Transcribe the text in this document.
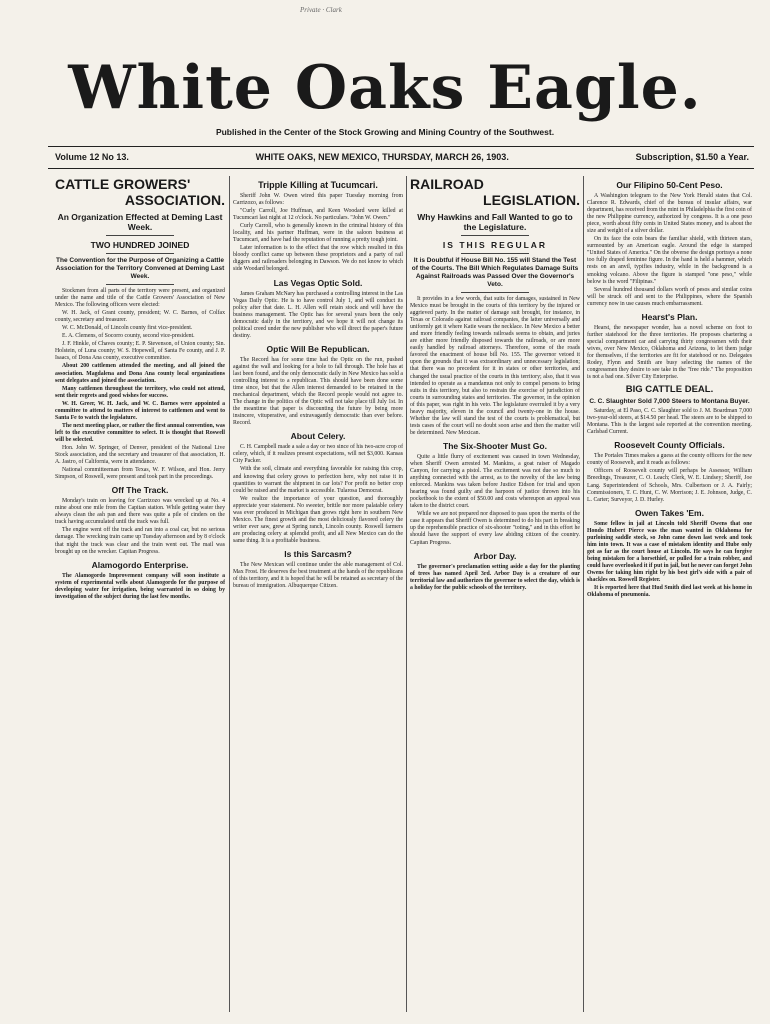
Private · Clark
White Oaks Eagle.
Published in the Center of the Stock Growing and Mining Country of the Southwest.
Volume 12 No 13.	WHITE OAKS, NEW MEXICO, THURSDAY, MARCH 26, 1903.	Subscription, $1.50 a Year.
CATTLE GROWERS'
ASSOCIATION.
An Organization Effected at Deming Last Week.
TWO HUNDRED JOINED
The Convention for the Purpose of Organizing a Cattle Association for the Territory Convened at Deming Last Week.

Stockmen from all parts of the territory were present, and organized under the name and title of the Cattle Growers' Association of New Mexico. The following officers were elected:

W. H. Jack, of Grant county, president; W. C. Barnes, of Colfax county, secretary and treasurer.

W. C. McDonald, of Lincoln county first vice-president.

E. A. Clemens, of Socorro county, second vice-president.

J. F. Hinkle, of Chaves county; E. P. Stevenson, of Union county; Sin. Holstein, of Luna county; W. S. Hopewell, of Santa Fe county, and J. P. Isaacs, of Dona Ana county, executive committee.

About 200 cattlemen attended the meeting, and all joined the association. Magdalena and Dona Ana county local organizations sent delegates and joined the association.

Many cattlemen throughout the territory, who could not attend, sent their regrets and good wishes for success.

W. H. Greer, W. H. Jack, and W. C. Barnes were appointed a committee to attend to matters of interest to cattlemen and went to Santa Fe to watch the legislature.

The next meeting place, or rather the first annual convention, was left to the executive committee to select. It is thought that Roswell will be selected.

Hon. John W. Springer, of Denver, president of the National Live Stock association, and the secretary and treasurer of that association, H. A. Jastro, of California, were in attendance.

National committeeman from Texas, W. F. Wilson, and Hon. Jerry Simpson, of Roswell, were present and took part in the proceedings.

Off The Track.

Monday's train on leaving for Carrizozo was wrecked up at No. 4 mine about one mile from the Capitan station. While getting water they always clean the ash pan and there was quite a pile of cinders on the track having accumulated until the track was full.

The engine went off the track and ran into a coal car, but no serious damage. The wrecking train came up Tuesday afternoon and by 8 o'clock that night the track was clear and the train went out. The mail was brought up on the wrecker. Capitan Progress.

Alamogordo Enterprise.

The Alamogordo Improvement company will soon institute a system of experimental wells about Alamogordo for the purpose of developing water for irrigation, being warranted in so doing by investigation of the subject during the last few months.

Tripple Killing at Tucumcari.

Sheriff John W. Owen wired this paper Tuesday morning from Carrizozo, as follows:

"Curly Carroll, Joe Huffman, and Keen Woodard were killed at Tucumcari last night at 12 o'clock. No particulars. "John W. Owen."

Curly Carroll, who is generally known in the criminal history of this locality, and his partner Huffman, were in the saloon business at Tucumcari, and have had the reputation of running a pretty tough joint.

Later information is to the effect that the row which resulted in this bloody conflict came up between these proprietors and a party of rail diggers and railroaders belonging in Dawson. We do not know to which side Woodard belonged.

Las Vegas Optic Sold.

James Graham McNary has purchased a controlling interest in the Las Vegas Daily Optic. He is to have control July 1, and will conduct its policy after that date. L. H. Allen will retain stock and will have the business management. The Optic has for several years been the only democratic daily in the territory, and we hope it will not change its political creed under the new publisher who will direct the paper's future destiny.

Optic Will Be Republican.

The Record has for some time had the Optic on the run, pushed against the wall and looking for a hole to fall through. The hole has at last been found, and the only democratic daily in New Mexico has sold a controlling interest to a republican. This should have been done some time since, but that the Allen interest demanded to be retained in the mechanical department, which the Record people would not agree to. The change in the politics of the Optic will not take place till July 1st. In the meantime that paper is discounting the future by being more insincere, vituperative, and extravagantly democratic than ever before. Record.

About Celery.

C. H. Campbell made a sale a day or two since of his two-acre crop of celery, which, if it realizes present expectations, will net $3,000. Kansas City Packer.

With the soil, climate and everything favorable for raising this crop, and knowing that celery grows to perfection here, why not raise it in quantities to warrant the shipment in car lots? For profit no better crop could be raised and the market is accessible. Tularosa Democrat.

We realize the importance of your question, and thoroughly appreciate your statement. No sweeter, brittle nor more palatable celery was ever produced in Michigan than grows right here in southern New Mexico. The finest growth and the most deliciously flavored celery the writer ever saw, grew at Spring ranch, Lincoln county. Roswell farmers are producing celery at splendid profit, and all New Mexico can do the same thing. It is a profitable business.

Is this Sarcasm?

The New Mexican will continue under the able management of Col. Max Frost. He deserves the best treatment at the hands of the republicans of this territory, and it is hoped that he will be retained as secretary of the bureau of immigration. Albuquerque Citizen.

RAILROAD
LEGISLATION.
Why Hawkins and Fall Wanted to go to the Legislature.
IS THIS REGULAR
It is Doubtful if House Bill No. 155 will Stand the Test of the Courts. The Bill Which Regulates Damage Suits Against Railroads was Passed Over the Governor's Veto.

It provides in a few words, that suits for damages, sustained in New Mexico must be brought in the courts of this territory by the injured or aggrieved party. In the matter of damage suit brought, for instance, in Texas or Colorado against railroad companies, the latter universally and uniformly get it where Katie wears the necklace. In New Mexico a better and more friendly feeling towards railroads seems to obtain, and juries are either more friendly disposed towards the railroads, or are more easily handled by railroad attorneys. Therefore, some of the roads favored the enactment of house bill No. 155. The governor vetoed it upon the grounds that it was extraordinary and unnecessary legislation; that there was no precedent for it in states or other territories, and changed the usual practice of the courts in this territory; also, that it was intended to operate as a mandamus not only to compel persons to bring suits in this territory, but also to restrain the exercise of jurisdiction of courts in surrounding states and territories. The governor, in the opinion of this paper, was right in his veto. The legislature overruled it by a very heavy majority, eleven in the council and twenty-one in the house. Whether the law will stand the test of the courts is problematical, but tests cases of the court will no doubt soon arise and then the matter will be determined. New Mexican.

The Six-Shooter Must Go.

Quite a little flurry of excitement was caused in town Wednesday, when Sheriff Owen arrested M. Mankins, a goat raiser of Magado Canyon, for carrying a pistol. The excitement was not due so much to anything connected with the arrest, as to the novelty of the law being enforced. Mankins was taken before Justice Eidson for trial and upon hearing was found guilty and the harpoon of justice thrown into his pocketbook to the extent of $50.00 and costs whereupon an appeal was taken to the district court.

While we are not prepared nor disposed to pass upon the merits of the case it appears that Sheriff Owen is determined to do his part in breaking up the reprehensible practice of six-shooter "toting," and in this effort he should have the support of every law abiding citizen of the country. Capitan Progress.

Arbor Day.

The governor's proclamation setting aside a day for the planting of trees has named April 3rd. Arbor Day is a creature of our territorial law and authorizes the governor to select the day, which is a holiday for the public schools of the territory.

Our Filipino 50-Cent Peso.

A Washington telegram to the New York Herald states that Col. Clarence R. Edwards, chief of the bureau of insular affairs, war department, has received from the mint in Philadelphia the first coin of the new Philippine currency, authorized by congress. It is a one peso piece, worth about fifty cents in United States money, and is about the size and weight of a silver dollar.

On its face the coin bears the familiar shield, with thirteen stars, surmounted by an American eagle. Around the edge is stamped "United States of America." On the obverse the design portrays a none too fully draped feminine figure. In the hand is held a hammer, which rests on an anvil, typifies industry, while in the background is a smoking volcano. Above the figure is stamped "one peso," while below is the word "Filipinas."

Several hundred thousand dollars worth of pesos and similar coins will be struck off and sent to the Philippines, where the Spanish currency now in use causes much embarrassment.

Hearst's Plan.

Hearst, the newspaper wonder, has a novel scheme on foot to further statehood for the three territories. He proposes chartering a special compartment car and carrying thirty congressmen with their wives, over New Mexico, Oklahoma and Arizona, to let them judge for themselves, if the territories are fit for statehood or no. Delegates Rodey, Flynn and Smith are busy selecting the names of the congressmen they desire to see take in the "free ride." The proposition is not a bad one. Silver City Enterprise.

BIG CATTLE DEAL.
C. C. Slaughter Sold 7,000 Steers to Montana Buyer.

Saturday, at El Paso, C. C. Slaughter sold to J. M. Boardman 7,000 two-year-old steers, at $14.50 per head. The steers are to be shipped to Montana. This is the largest sale reported at the convention meeting. Carlsbad Current.

Roosevelt County Officials.

The Portales Times makes a guess at the county officers for the new county of Roosevelt, and it reads as follows:

Officers of Roosevelt county will perhaps be Assessor, William Breedings, Treasurer, C. O. Leach; Clerk, W. E. Lindsey; Sheriff, Joe Lang. Superintendent of Schools, Mrs. Culbertson or J. A. Fairly; Commissioners, T. C. Hunt, C. W. Morrison; J. E. Johnson, Judge, C. L. Carter; Surveyor, J. D. Hurley.

Owen Takes 'Em.

Some fellow in jail at Lincoln told Sheriff Owens that one Hondo Hubert Pierce was the man wanted in Oklahoma for purloining saddle stock, so John came down last week and took him into town. It was a case of mistaken identity and Hube only got as far as the court house at Lincoln. He says he can forgive being mistaken for a horsethief, or pulled for a train robber, and could have overlooked it if put in jail, but he never can forget John Owens for taking him right by his best girl's side with a pair of shackles on. Roswell Register.

It is reported here that Hud Smith died last week at his home in Oklahoma of pneumonia.
